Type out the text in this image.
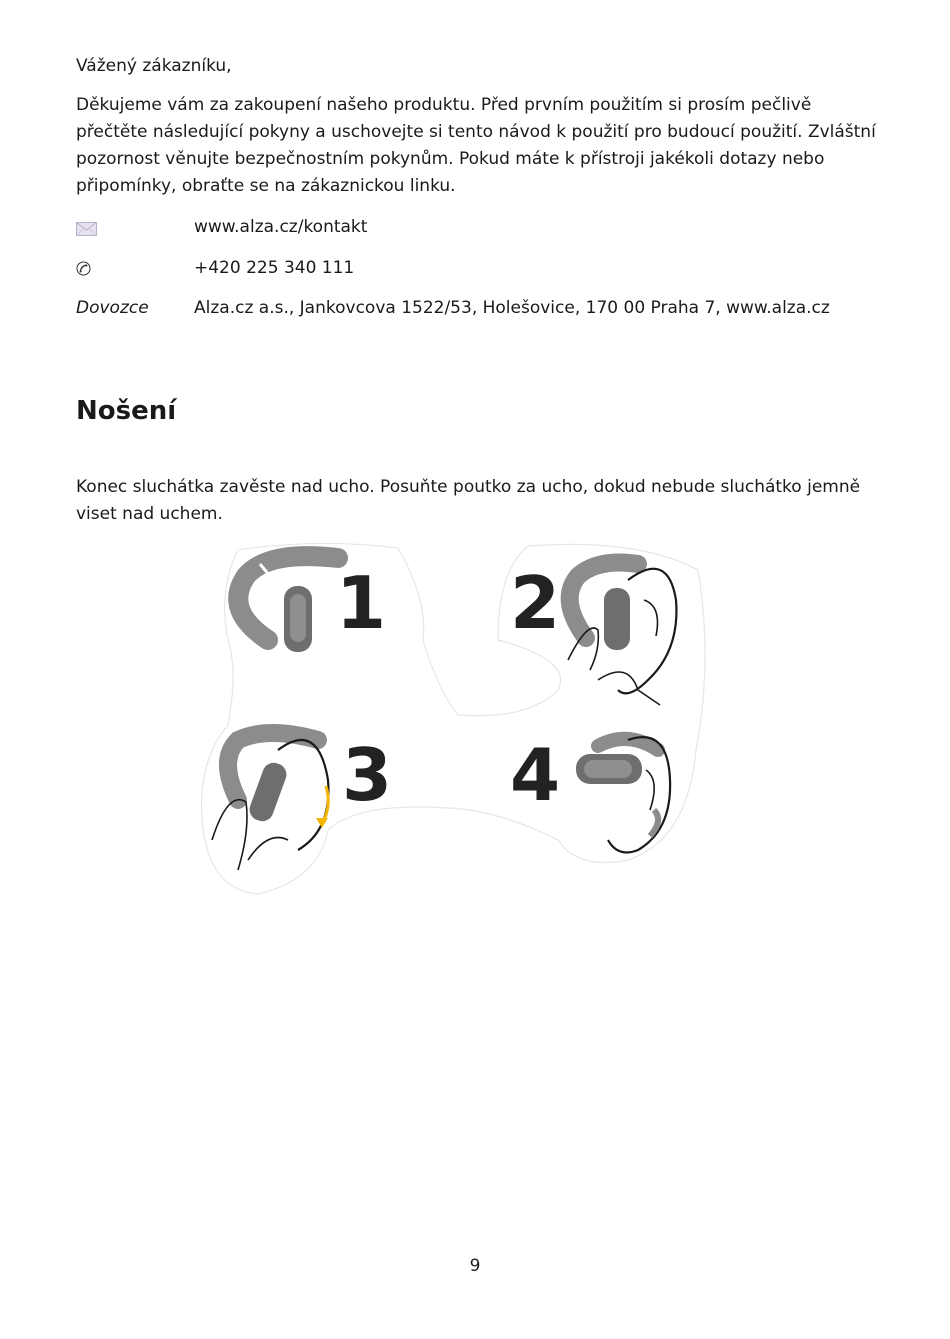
Vážený zákazníku,

Děkujeme vám za zakoupení našeho produktu. Před prvním použitím si prosím pečlivě přečtěte následující pokyny a uschovejte si tento návod k použití pro budoucí použití. Zvláštní pozornost věnujte bezpečnostním pokynům. Pokud máte k přístroji jakékoli dotazy nebo připomínky, obraťte se na zákaznickou linku.

www.alza.cz/kontakt
+420 225 340 111
Dovozce	Alza.cz a.s., Jankovcova 1522/53, Holešovice, 170 00 Praha 7, www.alza.cz
Nošení

Konec sluchátka zavěste nad ucho. Posuňte poutko za ucho, dokud nebude sluchátko jemně viset nad uchem.

1 2
3 4
9
